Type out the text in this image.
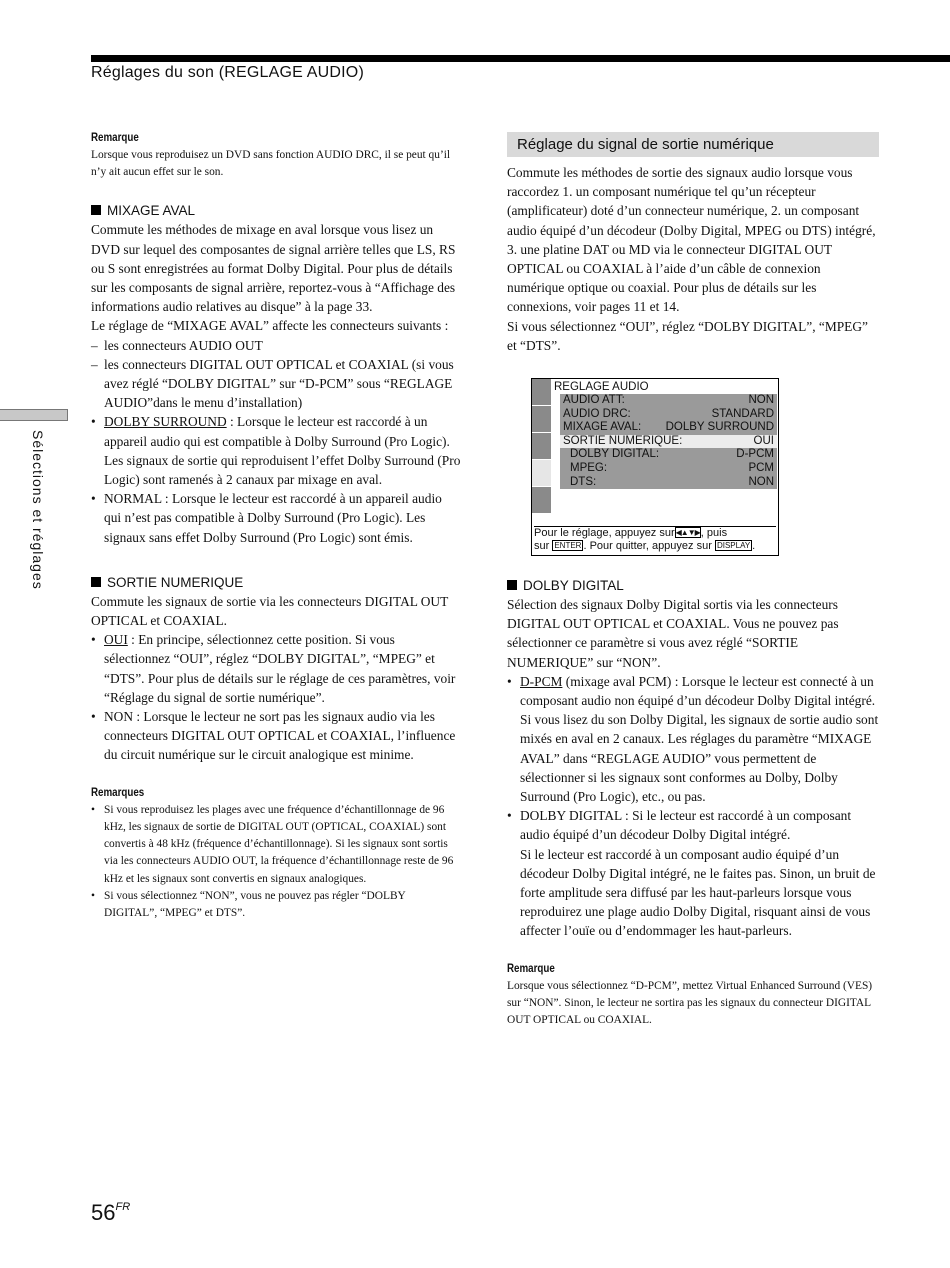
Réglages du son (REGLAGE AUDIO)
Sélections et réglages
Remarque

Lorsque vous reproduisez un DVD sans fonction AUDIO DRC, il se peut qu’il n’y ait aucun effet sur le son.

MIXAGE AVAL

Commute les méthodes de mixage en aval lorsque vous lisez un DVD sur lequel des composantes de signal arrière telles que LS, RS ou S sont enregistrées au format Dolby Digital. Pour plus de détails sur les composants de signal arrière, reportez-vous à “Affichage des informations audio relatives au disque” à la page 33.

Le réglage de “MIXAGE AVAL” affecte les connecteurs suivants :

– les connecteurs AUDIO OUT
– les connecteurs DIGITAL OUT OPTICAL et COAXIAL (si vous avez réglé “DOLBY DIGITAL” sur “D-PCM” sous “REGLAGE AUDIO”dans le menu d’installation)
• DOLBY SURROUND : Lorsque le lecteur est raccordé à un appareil audio qui est compatible à Dolby Surround (Pro Logic). Les signaux de sortie qui reproduisent l’effet Dolby Surround (Pro Logic) sont ramenés à 2 canaux par mixage en aval.
• NORMAL : Lorsque le lecteur est raccordé à un appareil audio qui n’est pas compatible à Dolby Surround (Pro Logic). Les signaux sans effet Dolby Surround (Pro Logic) sont émis.
SORTIE NUMERIQUE

Commute les signaux de sortie via les connecteurs DIGITAL OUT OPTICAL et COAXIAL.

• OUI : En principe, sélectionnez cette position. Si vous sélectionnez “OUI”, réglez “DOLBY DIGITAL”, “MPEG” et “DTS”. Pour plus de détails sur le réglage de ces paramètres, voir “Réglage du signal de sortie numérique”.
• NON : Lorsque le lecteur ne sort pas les signaux audio via les connecteurs DIGITAL OUT OPTICAL et COAXIAL, l’influence du circuit numérique sur le circuit analogique est minime.
Remarques
• Si vous reproduisez les plages avec une fréquence d’échantillonnage de 96 kHz, les signaux de sortie de DIGITAL OUT (OPTICAL, COAXIAL) sont convertis à 48 kHz (fréquence d’échantillonnage). Si les signaux sont sortis via les connecteurs AUDIO OUT, la fréquence d’échantillonnage reste de 96 kHz et les signaux sont convertis en signaux analogiques.
• Si vous sélectionnez “NON”, vous ne pouvez pas régler “DOLBY DIGITAL”, “MPEG” et DTS”.
Réglage du signal de sortie numérique

Commute les méthodes de sortie des signaux audio lorsque vous raccordez 1. un composant numérique tel qu’un récepteur (amplificateur) doté d’un connecteur numérique, 2. un composant audio équipé d’un décodeur (Dolby Digital, MPEG ou DTS) intégré, 3. une platine DAT ou MD via le connecteur DIGITAL OUT OPTICAL ou COAXIAL à l’aide d’un câble de connexion numérique optique ou coaxial. Pour plus de détails sur les connexions, voir pages 11 et 14.

Si vous sélectionnez “OUI”, réglez “DOLBY DIGITAL”, “MPEG” et “DTS”.

REGLAGE AUDIO
AUDIO ATT:	NON
AUDIO DRC:	STANDARD
MIXAGE AVAL: DOLBY SURROUND
SORTIE NUMERIQUE:	OUI
DOLBY DIGITAL:	D-PCM
MPEG:	PCM
DTS:	NON
Pour le réglage, appuyez sur◀▲▼▶, puis
sur ENTER . Pour quitter, appuyez sur DISPLAY .
DOLBY DIGITAL

Sélection des signaux Dolby Digital sortis via les connecteurs DIGITAL OUT OPTICAL et COAXIAL. Vous ne pouvez pas sélectionner ce paramètre si vous avez réglé “SORTIE NUMERIQUE” sur “NON”.

• D-PCM (mixage aval PCM) : Lorsque le lecteur est connecté à un composant audio non équipé d’un décodeur Dolby Digital intégré. Si vous lisez du son Dolby Digital, les signaux de sortie audio sont mixés en aval en 2 canaux. Les réglages du paramètre “MIXAGE AVAL” dans “REGLAGE AUDIO” vous permettent de sélectionner si les signaux sont conformes au Dolby, Dolby Surround (Pro Logic), etc., ou pas.
• DOLBY DIGITAL : Si le lecteur est raccordé à un composant audio équipé d’un décodeur Dolby Digital intégré.
Si le lecteur est raccordé à un composant audio équipé d’un décodeur Dolby Digital intégré, ne le faites pas. Sinon, un bruit de forte amplitude sera diffusé par les haut-parleurs lorsque vous reproduirez une plage audio Dolby Digital, risquant ainsi de vous affecter l’ouïe ou d’endommager les haut-parleurs.
Remarque

Lorsque vous sélectionnez “D-PCM”, mettez Virtual Enhanced Surround (VES) sur “NON”. Sinon, le lecteur ne sortira pas les signaux du connecteur DIGITAL OUT OPTICAL ou COAXIAL.

$56^{FR}$
